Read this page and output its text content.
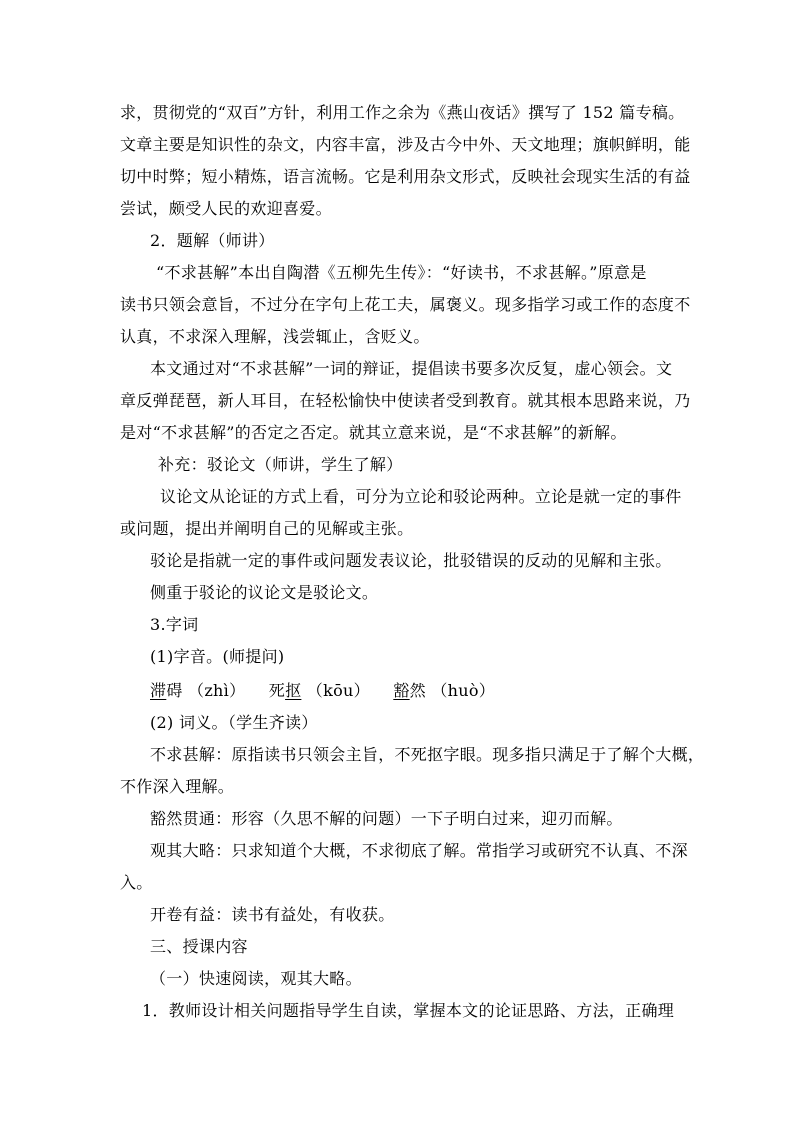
求，贯彻党的“双百”方针，利用工作之余为《燕山夜话》撰写了 152 篇专稿。
文章主要是知识性的杂文，内容丰富，涉及古今中外、天文地理；旗帜鲜明，能
切中时弊；短小精炼，语言流畅。它是利用杂文形式，反映社会现实生活的有益
尝试，颇受人民的欢迎喜爱。
2．题解（师讲）
“不求甚解”本出自陶潜《五柳先生传》：“好读书，不求甚解。”原意是
读书只领会意旨，不过分在字句上花工夫，属褒义。现多指学习或工作的态度不
认真，不求深入理解，浅尝辄止，含贬义。
本文通过对“不求甚解”一词的辩证，提倡读书要多次反复，虚心领会。文
章反弹琵琶，新人耳目，在轻松愉快中使读者受到教育。就其根本思路来说，乃
是对“不求甚解”的否定之否定。就其立意来说，是“不求甚解”的新解。
补充：驳论文（师讲，学生了解）
议论文从论证的方式上看，可分为立论和驳论两种。立论是就一定的事件
或问题，提出并阐明自己的见解或主张。
驳论是指就一定的事件或问题发表议论，批驳错误的反动的见解和主张。
侧重于驳论的议论文是驳论文。
3.字词
(1)字音。(师提问)
滞碍 （zhì） 死抠 （kōu） 豁然 （huò）
(2) 词义。（学生齐读）
不求甚解：原指读书只领会主旨，不死抠字眼。现多指只满足于了解个大概，
不作深入理解。
豁然贯通：形容（久思不解的问题）一下子明白过来，迎刃而解。
观其大略：只求知道个大概，不求彻底了解。常指学习或研究不认真、不深
入。
开卷有益：读书有益处，有收获。
三、授课内容
（一）快速阅读，观其大略。
1．教师设计相关问题指导学生自读，掌握本文的论证思路、方法，正确理
